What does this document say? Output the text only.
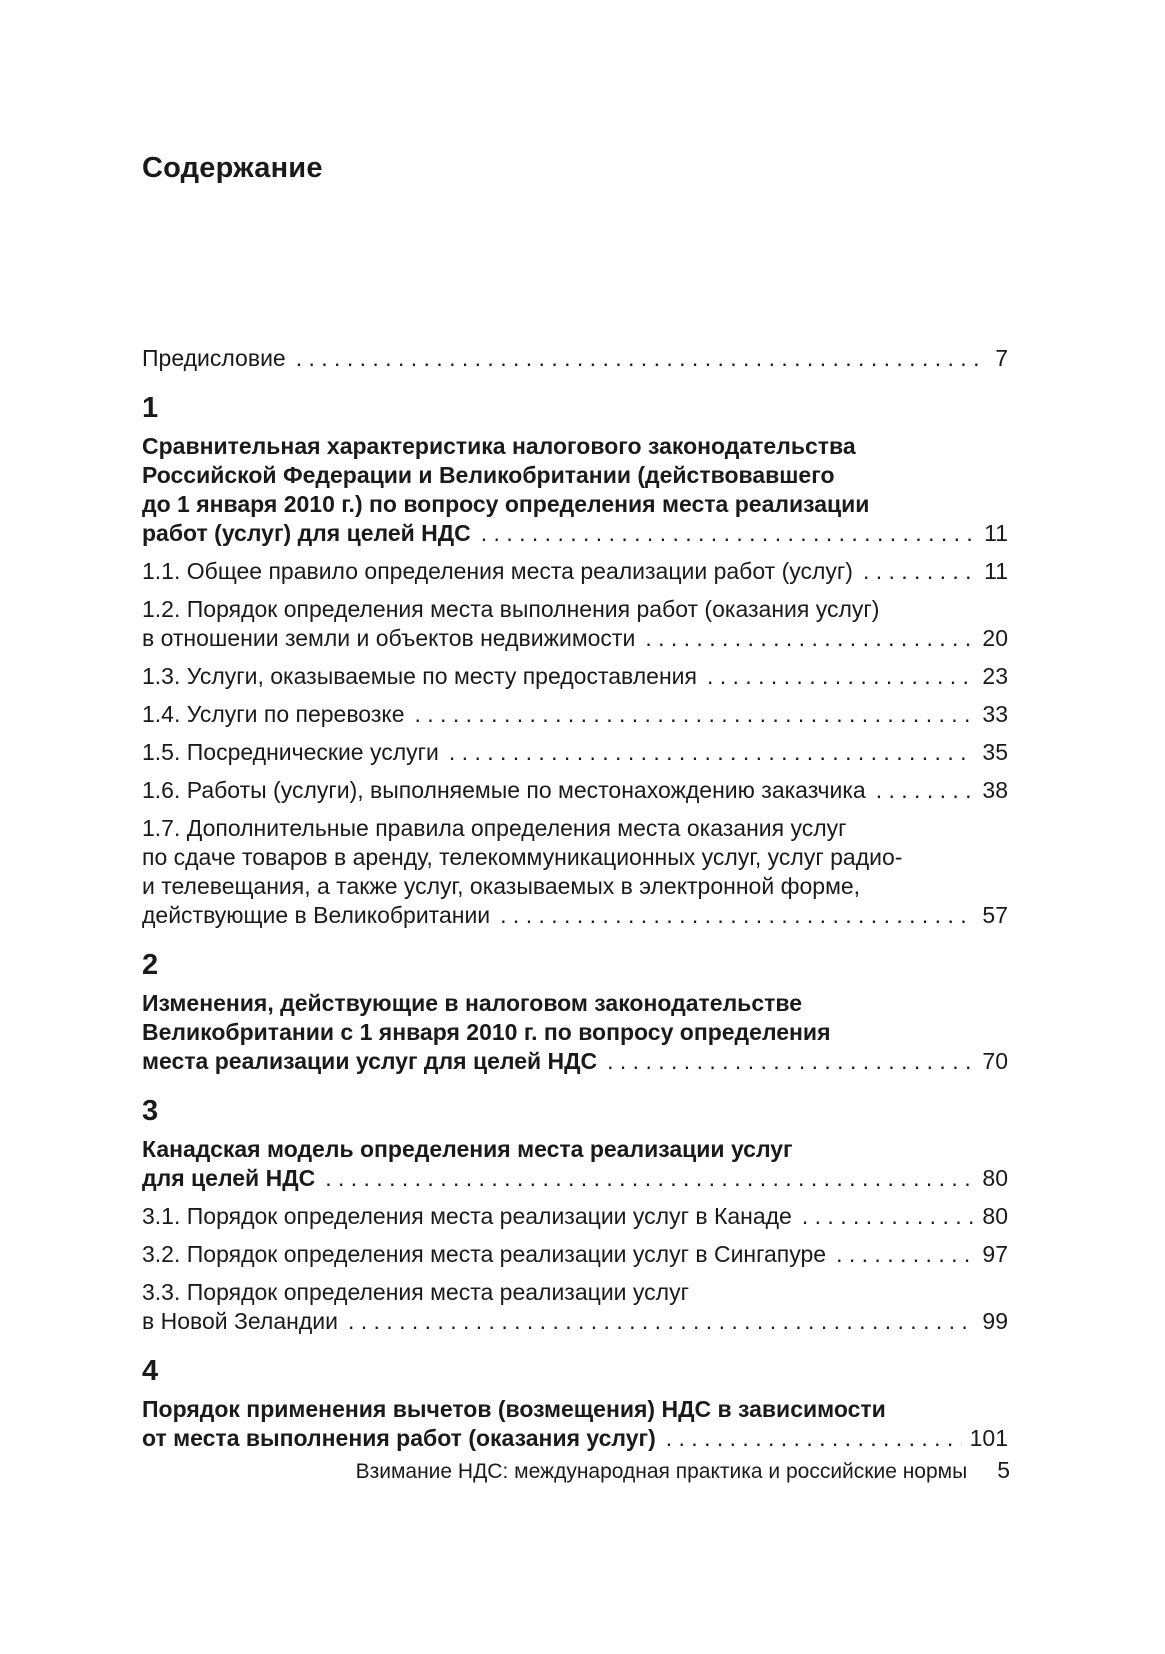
Содержание
Предисловие . . .	7
1
Сравнительная характеристика налогового законодательства
Российской Федерации и Великобритании (действовавшего
до 1 января 2010 г.) по вопросу определения места реализации
работ (услуг) для целей НДС . . .	11
1.1. Общее правило определения места реализации работ (услуг) . . .	11
1.2. Порядок определения места выполнения работ (оказания услуг)
в отношении земли и объектов недвижимости . . .	20
1.3. Услуги, оказываемые по месту предоставления . . .	23
1.4. Услуги по перевозке . . .	33
1.5. Посреднические услуги . . .	35
1.6. Работы (услуги), выполняемые по местонахождению заказчика . . .	38
1.7. Дополнительные правила определения места оказания услуг
по сдаче товаров в аренду, телекоммуникационных услуг, услуг радио-
и телевещания, а также услуг, оказываемых в электронной форме,
действующие в Великобритании . . .	57
2
Изменения, действующие в налоговом законодательстве
Великобритании с 1 января 2010 г. по вопросу определения
места реализации услуг для целей НДС . . .	70
3
Канадская модель определения места реализации услуг
для целей НДС . . .	80
3.1. Порядок определения места реализации услуг в Канаде . . .	80
3.2. Порядок определения места реализации услуг в Сингапуре . . .	97
3.3. Порядок определения места реализации услуг
в Новой Зеландии . . .	99
4
Порядок применения вычетов (возмещения) НДС в зависимости
от места выполнения работ (оказания услуг) . . .	101
Взимание НДС: международная практика и российские нормы 5
